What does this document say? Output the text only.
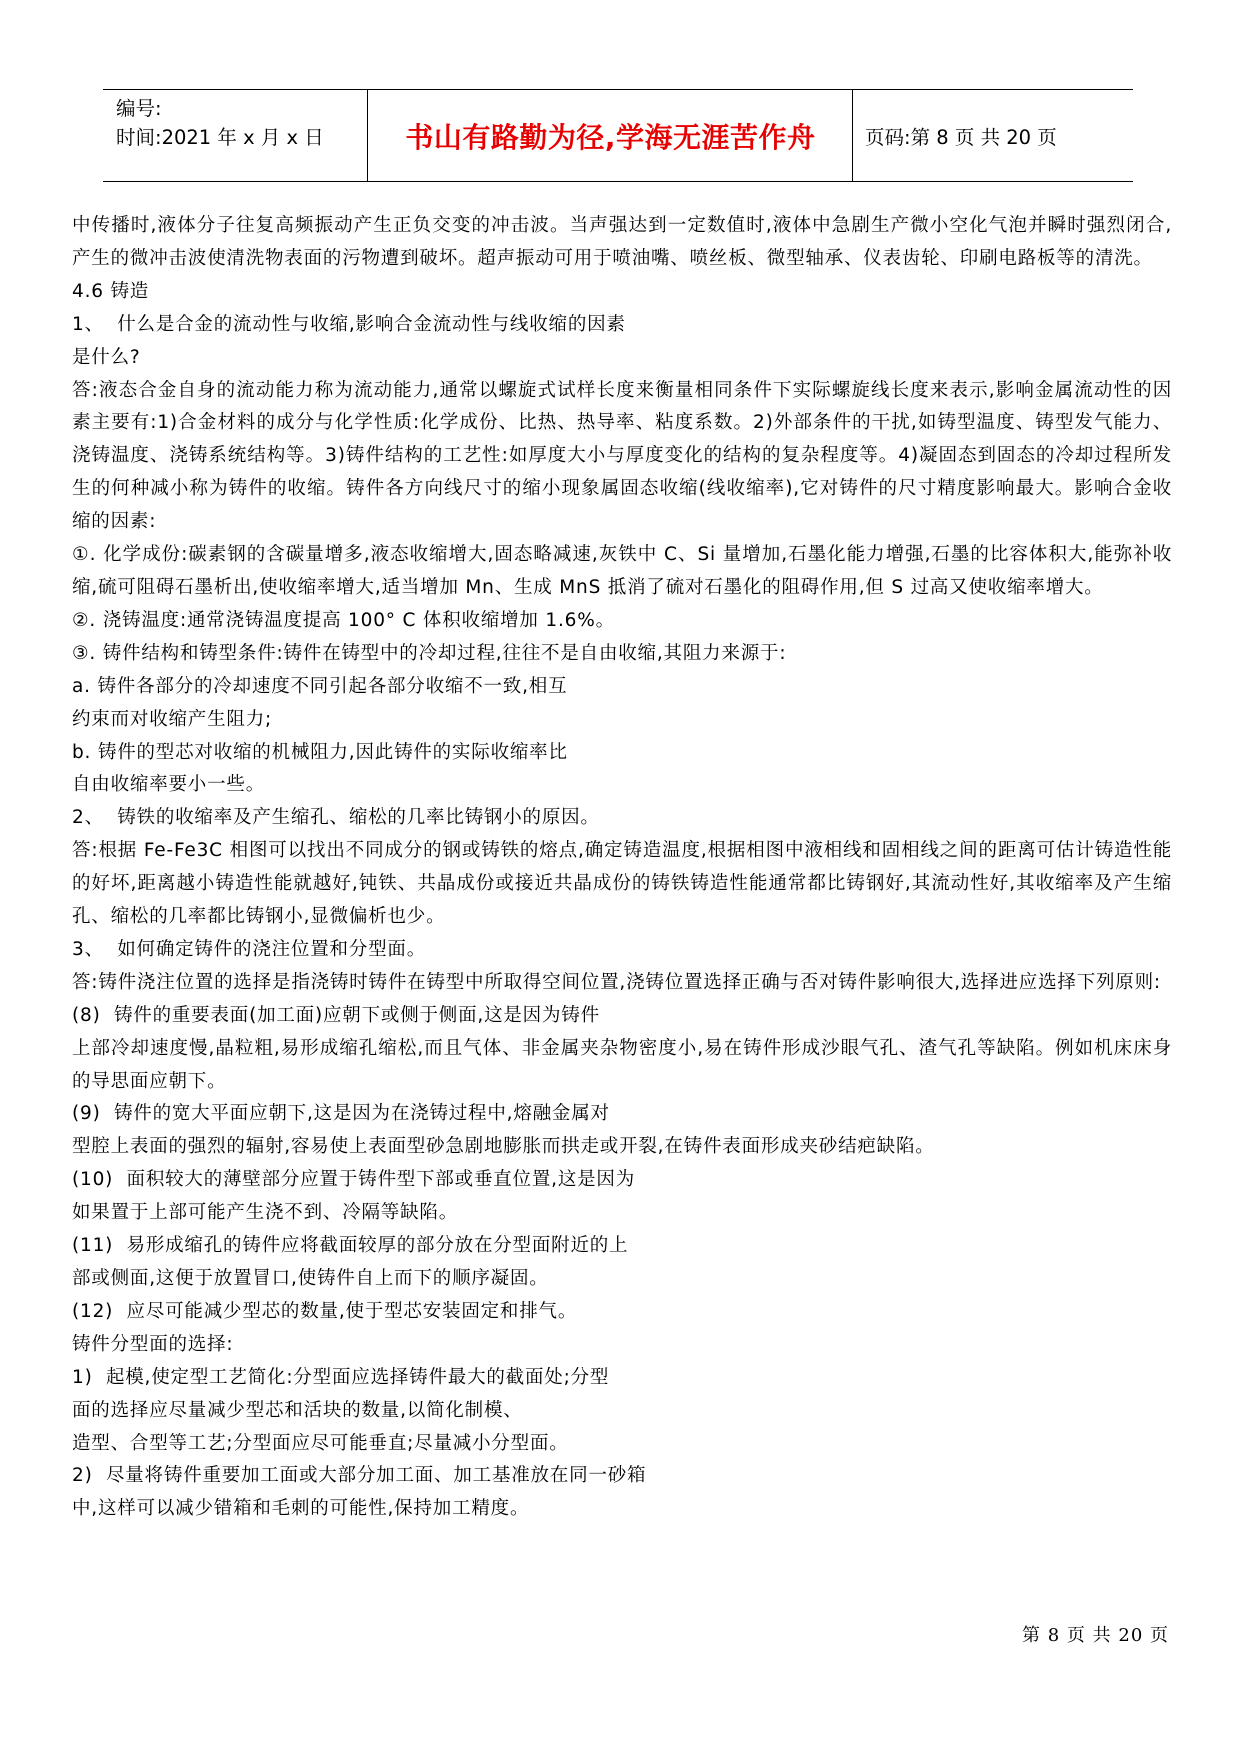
编号:
时间:2021 年 x 月 x 日	书山有路勤为径,学海无涯苦作舟	页码:第 8 页 共 20 页

中传播时,液体分子往复高频振动产生正负交变的冲击波。当声强达到一定数值时,液体中急剧生产微小空化气泡并瞬时强烈闭合,产生的微冲击波使清洗物表面的污物遭到破坏。超声振动可用于喷油嘴、喷丝板、微型轴承、仪表齿轮、印刷电路板等的清洗。

4.6 铸造

1、  什么是合金的流动性与收缩,影响合金流动性与线收缩的因素

是什么?

答:液态合金自身的流动能力称为流动能力,通常以螺旋式试样长度来衡量相同条件下实际螺旋线长度来表示,影响金属流动性的因素主要有:1)合金材料的成分与化学性质:化学成份、比热、热导率、粘度系数。2)外部条件的干扰,如铸型温度、铸型发气能力、浇铸温度、浇铸系统结构等。3)铸件结构的工艺性:如厚度大小与厚度变化的结构的复杂程度等。4)凝固态到固态的冷却过程所发生的何种减小称为铸件的收缩。铸件各方向线尺寸的缩小现象属固态收缩(线收缩率),它对铸件的尺寸精度影响最大。影响合金收缩的因素:

①. 化学成份:碳素钢的含碳量增多,液态收缩增大,固态略减速,灰铁中 C、Si 量增加,石墨化能力增强,石墨的比容体积大,能弥补收缩,硫可阻碍石墨析出,使收缩率增大,适当增加 Mn、生成 MnS 抵消了硫对石墨化的阻碍作用,但 S 过高又使收缩率增大。

②. 浇铸温度:通常浇铸温度提高 100° C 体积收缩增加 1.6%。

③. 铸件结构和铸型条件:铸件在铸型中的冷却过程,往往不是自由收缩,其阻力来源于:

a. 铸件各部分的冷却速度不同引起各部分收缩不一致,相互

约束而对收缩产生阻力;

b. 铸件的型芯对收缩的机械阻力,因此铸件的实际收缩率比

自由收缩率要小一些。

2、  铸铁的收缩率及产生缩孔、缩松的几率比铸钢小的原因。

答:根据 Fe-Fe3C 相图可以找出不同成分的钢或铸铁的熔点,确定铸造温度,根据相图中液相线和固相线之间的距离可估计铸造性能的好坏,距离越小铸造性能就越好,钝铁、共晶成份或接近共晶成份的铸铁铸造性能通常都比铸钢好,其流动性好,其收缩率及产生缩孔、缩松的几率都比铸钢小,显微偏析也少。

3、  如何确定铸件的浇注位置和分型面。

答:铸件浇注位置的选择是指浇铸时铸件在铸型中所取得空间位置,浇铸位置选择正确与否对铸件影响很大,选择进应选择下列原则:

(8)  铸件的重要表面(加工面)应朝下或侧于侧面,这是因为铸件

上部冷却速度慢,晶粒粗,易形成缩孔缩松,而且气体、非金属夹杂物密度小,易在铸件形成沙眼气孔、渣气孔等缺陷。例如机床床身的导思面应朝下。

(9)  铸件的宽大平面应朝下,这是因为在浇铸过程中,熔融金属对

型腔上表面的强烈的辐射,容易使上表面型砂急剧地膨胀而拱走或开裂,在铸件表面形成夹砂结疤缺陷。

(10)  面积较大的薄壁部分应置于铸件型下部或垂直位置,这是因为

如果置于上部可能产生浇不到、冷隔等缺陷。

(11)  易形成缩孔的铸件应将截面较厚的部分放在分型面附近的上

部或侧面,这便于放置冒口,使铸件自上而下的顺序凝固。

(12)  应尽可能减少型芯的数量,使于型芯安装固定和排气。

铸件分型面的选择:

1)  起模,使定型工艺简化:分型面应选择铸件最大的截面处;分型

面的选择应尽量减少型芯和活块的数量,以简化制模、

造型、合型等工艺;分型面应尽可能垂直;尽量减小分型面。

2)  尽量将铸件重要加工面或大部分加工面、加工基准放在同一砂箱

中,这样可以减少错箱和毛刺的可能性,保持加工精度。

第 8 页 共 20 页
